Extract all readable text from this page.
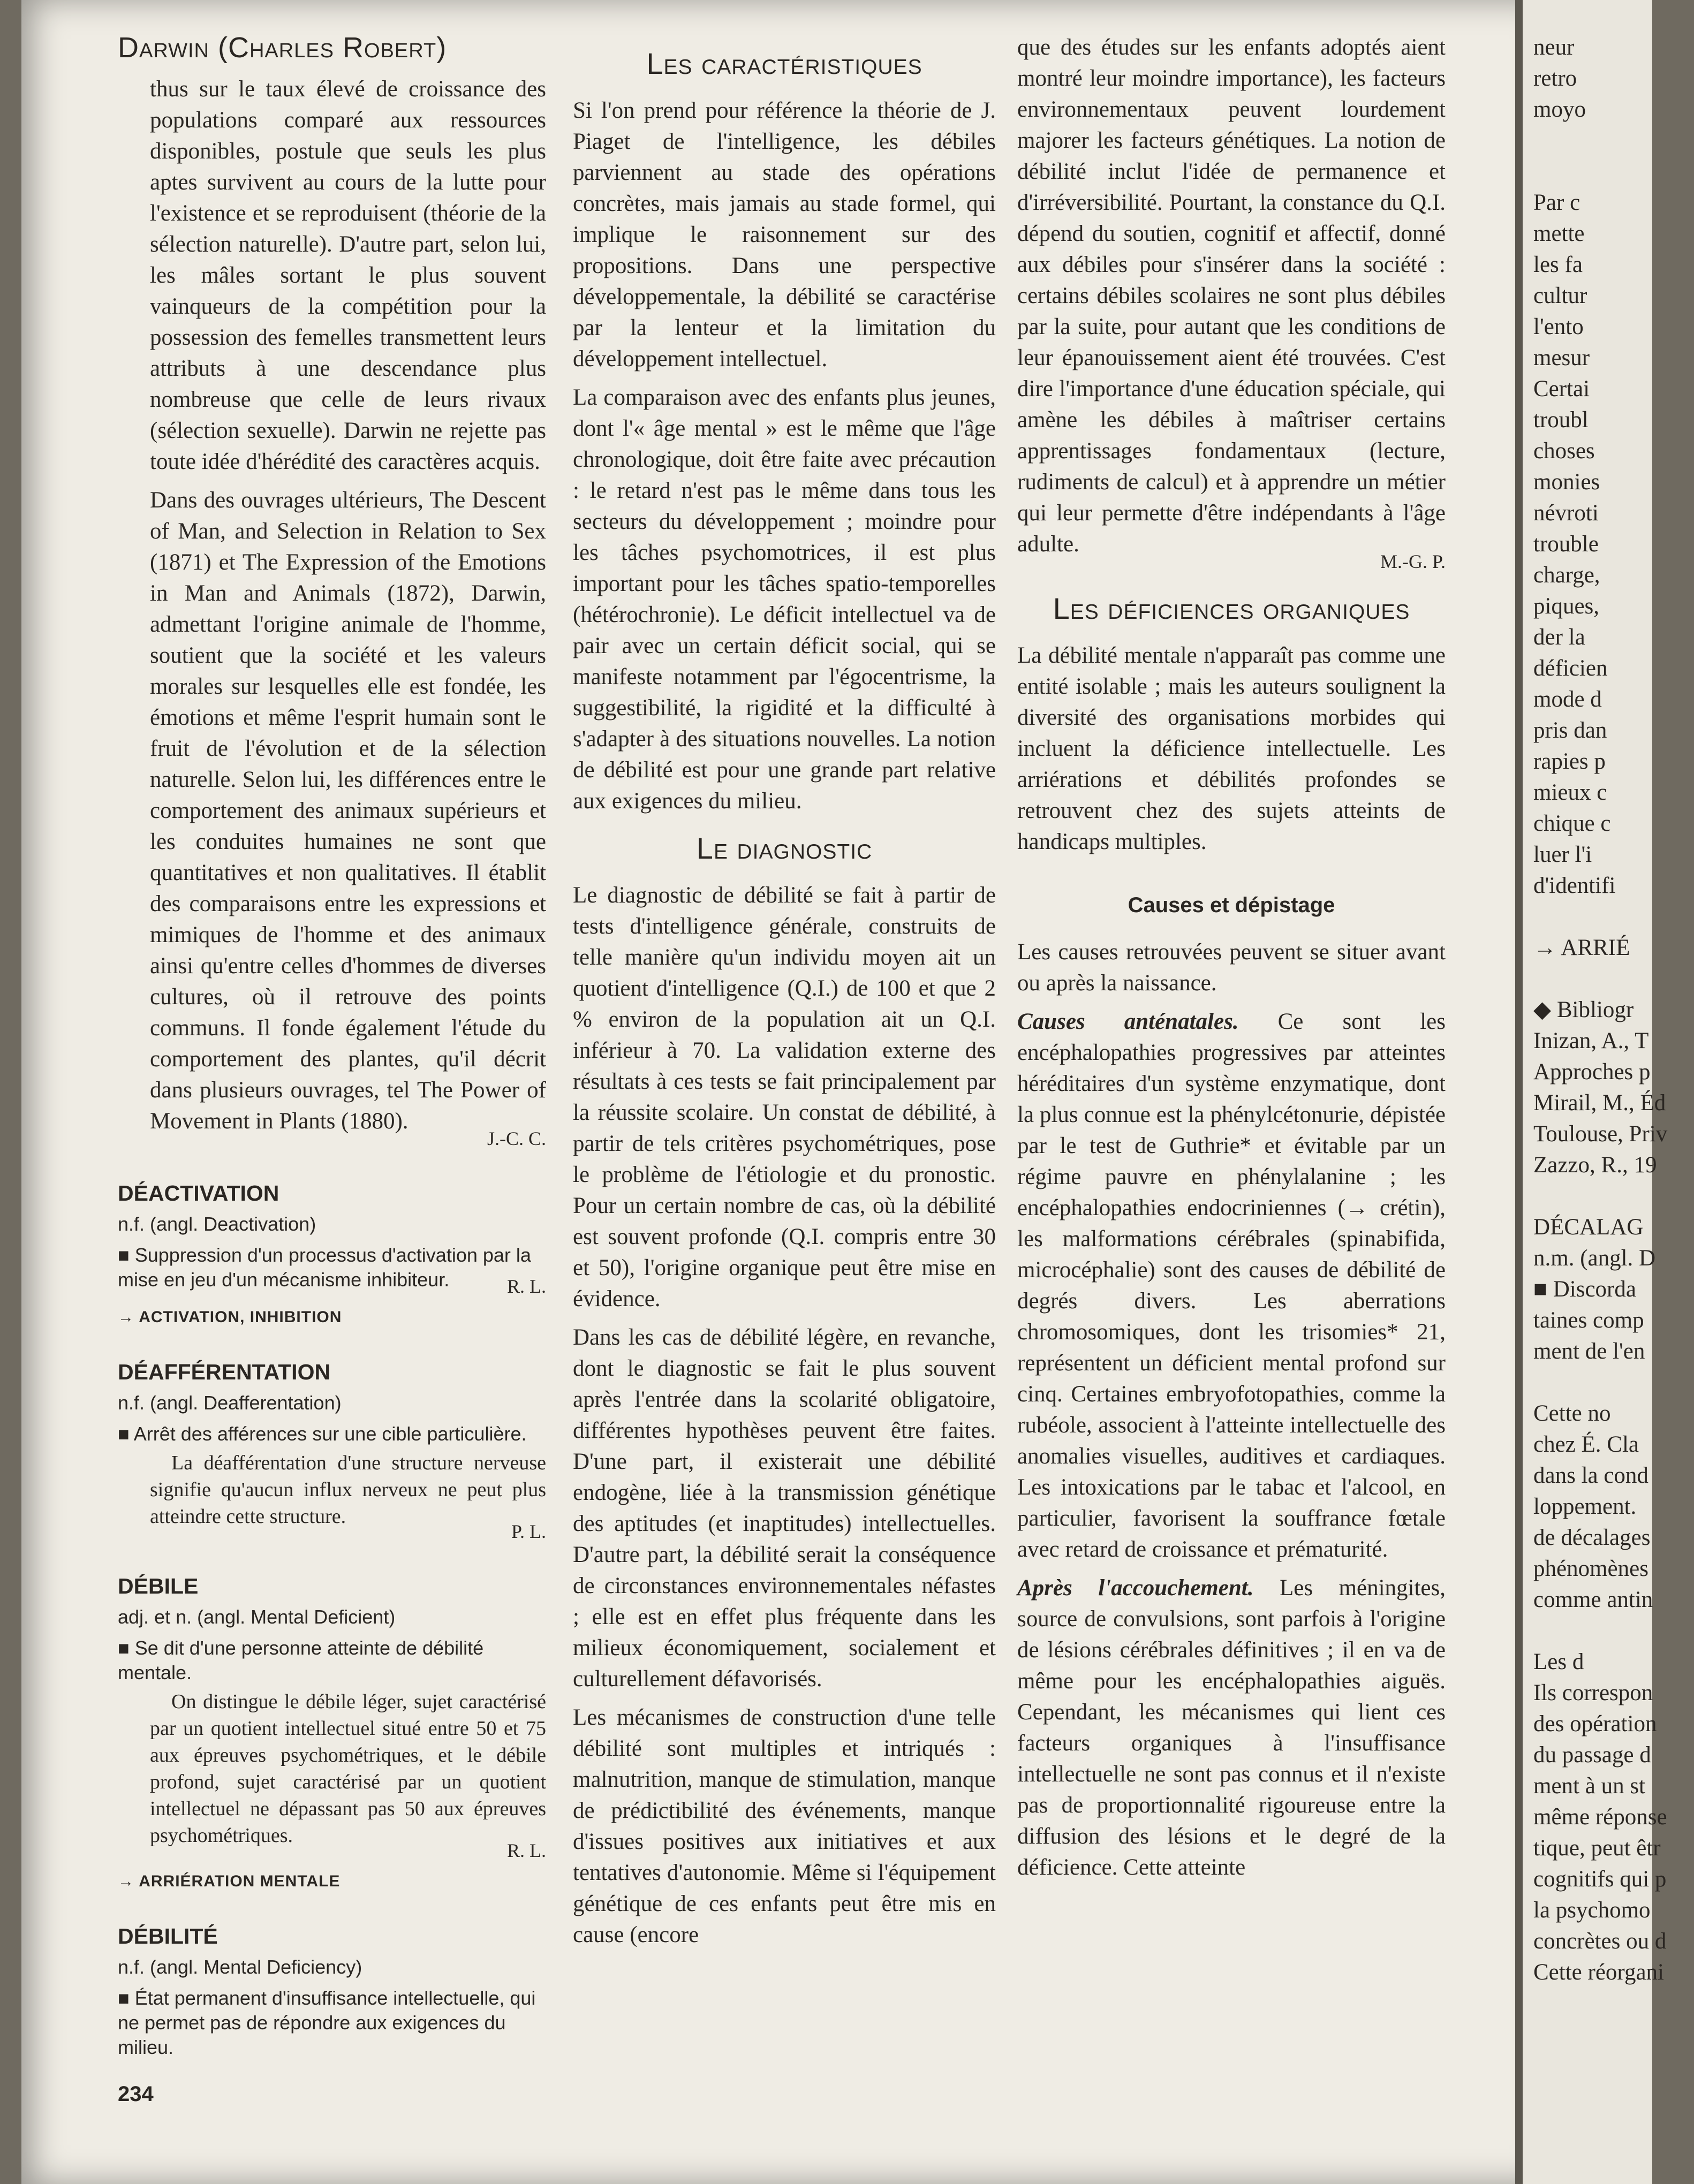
Darwin (Charles Robert)

thus sur le taux élevé de croissance des populations comparé aux ressources disponibles, postule que seuls les plus aptes survivent au cours de la lutte pour l'existence et se reproduisent (théorie de la sélection naturelle). D'autre part, selon lui, les mâles sortant le plus souvent vainqueurs de la compétition pour la possession des femelles transmettent leurs attributs à une descendance plus nombreuse que celle de leurs rivaux (sélection sexuelle). Darwin ne rejette pas toute idée d'hérédité des caractères acquis.

Dans des ouvrages ultérieurs, The Descent of Man, and Selection in Relation to Sex (1871) et The Expression of the Emotions in Man and Animals (1872), Darwin, admettant l'origine animale de l'homme, soutient que la société et les valeurs morales sur lesquelles elle est fondée, les émotions et même l'esprit humain sont le fruit de l'évolution et de la sélection naturelle. Selon lui, les différences entre le comportement des animaux supérieurs et les conduites humaines ne sont que quantitatives et non qualitatives. Il établit des comparaisons entre les expressions et mimiques de l'homme et des animaux ainsi qu'entre celles d'hommes de diverses cultures, où il retrouve des points communs. Il fonde également l'étude du comportement des plantes, qu'il décrit dans plusieurs ouvrages, tel The Power of Movement in Plants (1880).

J.-C. C.
DÉACTIVATION
n.f. (angl. Deactivation)
■ Suppression d'un processus d'activation par la mise en jeu d'un mécanisme inhibiteur.	R. L.
→ ACTIVATION, INHIBITION
DÉAFFÉRENTATION
n.f. (angl. Deafferentation)
■ Arrêt des afférences sur une cible particulière.

La déafférentation d'une structure nerveuse signifie qu'aucun influx nerveux ne peut plus atteindre cette structure.

P. L.
DÉBILE
adj. et n. (angl. Mental Deficient)
■ Se dit d'une personne atteinte de débilité mentale.

On distingue le débile léger, sujet caractérisé par un quotient intellectuel situé entre 50 et 75 aux épreuves psychométriques, et le débile profond, sujet caractérisé par un quotient intellectuel ne dépassant pas 50 aux épreuves psychométriques.

R. L.
→ ARRIÉRATION MENTALE
DÉBILITÉ
n.f. (angl. Mental Deficiency)
■ État permanent d'insuffisance intellectuelle, qui ne permet pas de répondre aux exigences du milieu.
Les caractéristiques

Si l'on prend pour référence la théorie de J. Piaget de l'intelligence, les débiles parviennent au stade des opérations concrètes, mais jamais au stade formel, qui implique le raisonnement sur des propositions. Dans une perspective développementale, la débilité se caractérise par la lenteur et la limitation du développement intellectuel.

La comparaison avec des enfants plus jeunes, dont l'« âge mental » est le même que l'âge chronologique, doit être faite avec précaution : le retard n'est pas le même dans tous les secteurs du développement ; moindre pour les tâches psychomotrices, il est plus important pour les tâches spatio-temporelles (hétérochronie). Le déficit intellectuel va de pair avec un certain déficit social, qui se manifeste notamment par l'égocentrisme, la suggestibilité, la rigidité et la difficulté à s'adapter à des situations nouvelles. La notion de débilité est pour une grande part relative aux exigences du milieu.

Le diagnostic

Le diagnostic de débilité se fait à partir de tests d'intelligence générale, construits de telle manière qu'un individu moyen ait un quotient d'intelligence (Q.I.) de 100 et que 2 % environ de la population ait un Q.I. inférieur à 70. La validation externe des résultats à ces tests se fait principalement par la réussite scolaire. Un constat de débilité, à partir de tels critères psychométriques, pose le problème de l'étiologie et du pronostic. Pour un certain nombre de cas, où la débilité est souvent profonde (Q.I. compris entre 30 et 50), l'origine organique peut être mise en évidence.

Dans les cas de débilité légère, en revanche, dont le diagnostic se fait le plus souvent après l'entrée dans la scolarité obligatoire, différentes hypothèses peuvent être faites. D'une part, il existerait une débilité endogène, liée à la transmission génétique des aptitudes (et inaptitudes) intellectuelles. D'autre part, la débilité serait la conséquence de circonstances environnementales néfastes ; elle est en effet plus fréquente dans les milieux économiquement, socialement et culturellement défavorisés.

Les mécanismes de construction d'une telle débilité sont multiples et intriqués : malnutrition, manque de stimulation, manque de prédictibilité des événements, manque d'issues positives aux initiatives et aux tentatives d'autonomie. Même si l'équipement génétique de ces enfants peut être mis en cause (encore

que des études sur les enfants adoptés aient montré leur moindre importance), les facteurs environnementaux peuvent lourdement majorer les facteurs génétiques. La notion de débilité inclut l'idée de permanence et d'irréversibilité. Pourtant, la constance du Q.I. dépend du soutien, cognitif et affectif, donné aux débiles pour s'insérer dans la société : certains débiles scolaires ne sont plus débiles par la suite, pour autant que les conditions de leur épanouissement aient été trouvées. C'est dire l'importance d'une éducation spéciale, qui amène les débiles à maîtriser certains apprentissages fondamentaux (lecture, rudiments de calcul) et à apprendre un métier qui leur permette d'être indépendants à l'âge adulte.

M.-G. P.
Les déficiences organiques

La débilité mentale n'apparaît pas comme une entité isolable ; mais les auteurs soulignent la diversité des organisations morbides qui incluent la déficience intellectuelle. Les arriérations et débilités profondes se retrouvent chez des sujets atteints de handicaps multiples.

Causes et dépistage

Les causes retrouvées peuvent se situer avant ou après la naissance.

Causes anténatales. Ce sont les encéphalopathies progressives par atteintes héréditaires d'un système enzymatique, dont la plus connue est la phénylcétonurie, dépistée par le test de Guthrie* et évitable par un régime pauvre en phénylalanine ; les encéphalopathies endocriniennes (→ crétin), les malformations cérébrales (spinabifida, microcéphalie) sont des causes de débilité de degrés divers. Les aberrations chromosomiques, dont les trisomies* 21, représentent un déficient mental profond sur cinq. Certaines embryofotopathies, comme la rubéole, associent à l'atteinte intellectuelle des anomalies visuelles, auditives et cardiaques. Les intoxications par le tabac et l'alcool, en particulier, favorisent la souffrance fœtale avec retard de croissance et prématurité.

Après l'accouchement. Les méningites, source de convulsions, sont parfois à l'origine de lésions cérébrales définitives ; il en va de même pour les encéphalopathies aiguës. Cependant, les mécanismes qui lient ces facteurs organiques à l'insuffisance intellectuelle ne sont pas connus et il n'existe pas de proportionnalité rigoureuse entre la diffusion des lésions et le degré de la déficience. Cette atteinte

234
neur
retro
moyo

Par c
mette
les fa
cultur
l'ento
mesur
Certai
troubl
choses
monies
névroti
trouble
charge,
piques,
der la
déficien
mode d
pris dan
rapies p
mieux c
chique c
luer l'i
d'identifi

→ ARRIÉ

◆ Bibliogr
Inizan, A., T
Approches p
Mirail, M., Éd
Toulouse, Priv
Zazzo, R., 19

DÉCALAG
n.m. (angl. D
■ Discorda
taines comp
ment de l'en

Cette no
chez É. Cla
dans la cond
loppement.
de décalages
phénomènes
comme antin

Les d
Ils correspon
des opération
du passage d
ment à un st
même réponse
tique, peut êtr
cognitifs qui p
la psychomo
concrètes ou d
Cette réorgani
